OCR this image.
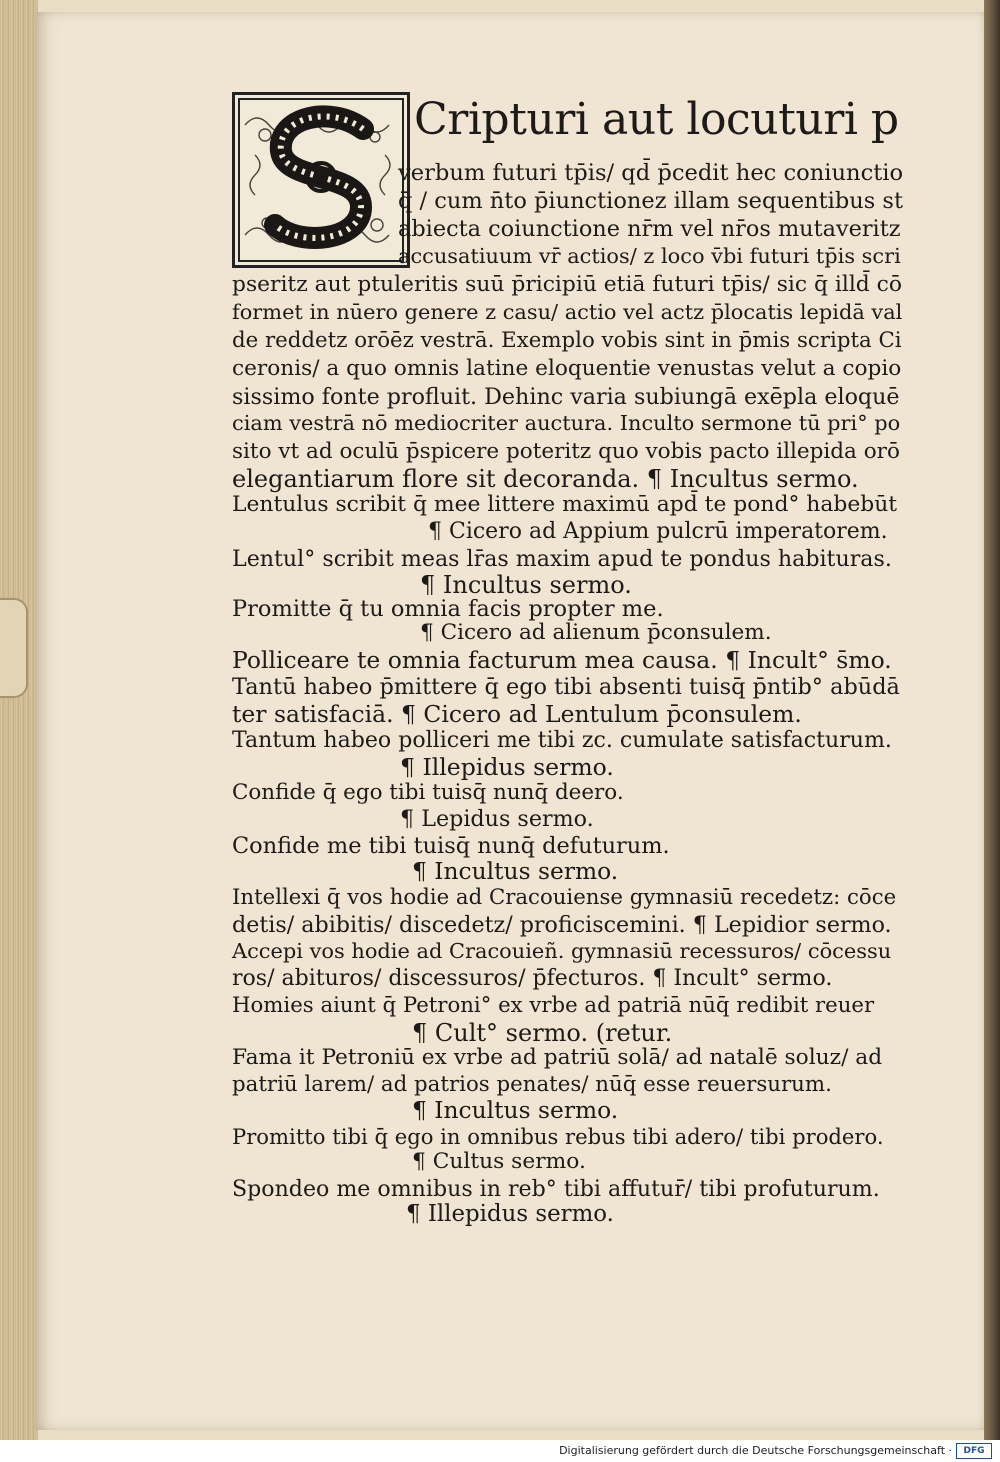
Cripturi aut locuturi p
verbum futuri tp̄is/ qd̄ p̄cedit hec coniunctio
q̄ / cum n̄to p̄iunctionez illam sequentibus st
abiecta coiunctione nr̄m vel nr̄os mutaveritz
accusatiuum vr̄ actios/ z loco v̄bi futuri tp̄is scri
pseritz aut ptuleritis suū p̄ricipiū etiā futuri tp̄is/ sic q̄ illd̄ cō
formet in nūero genere z casu/ actio vel actz p̄locatis lepidā val
de reddetz orōēz vestrā. Exemplo vobis sint in p̄mis scripta Ci
ceronis/ a quo omnis latine eloquentie venustas velut a copio
sissimo fonte profluit. Dehinc varia subiungā exēpla eloquē
ciam vestrā nō mediocriter auctura. Inculto sermone tū pri° po
sito vt ad oculū p̄spicere poteritz quo vobis pacto illepida orō
elegantiarum flore sit decoranda. ¶ Incultus sermo.
Lentulus scribit q̄ mee littere maximū apd̄ te pond° habebūt
¶ Cicero ad Appium pulcrū imperatorem.
Lentul° scribit meas lr̄as maxim apud te pondus habituras.
¶ Incultus sermo.
Promitte q̄ tu omnia facis propter me.
¶ Cicero ad alienum p̄consulem.
Polliceare te omnia facturum mea causa. ¶ Incult° s̄mo.
Tantū habeo p̄mittere q̄ ego tibi absenti tuisq̄ p̄ntib° abūdā
ter satisfaciā. ¶ Cicero ad Lentulum p̄consulem.
Tantum habeo polliceri me tibi zc. cumulate satisfacturum.
¶ Illepidus sermo.
Confide q̄ ego tibi tuisq̄ nunq̄ deero.
¶ Lepidus sermo.
Confide me tibi tuisq̄ nunq̄ defuturum.
¶ Incultus sermo.
Intellexi q̄ vos hodie ad Cracouiense gymnasiū recedetz: cōce
detis/ abibitis/ discedetz/ proficiscemini. ¶ Lepidior sermo.
Accepi vos hodie ad Cracouieñ. gymnasiū recessuros/ cōcessu
ros/ abituros/ discessuros/ p̄fecturos. ¶ Incult° sermo.
Homies aiunt q̄ Petroni° ex vrbe ad patriā nūq̄ redibit reuer
¶ Cult° sermo. (retur.
Fama it Petroniū ex vrbe ad patriū solā/ ad natalē soluz/ ad
patriū larem/ ad patrios penates/ nūq̄ esse reuersurum.
¶ Incultus sermo.
Promitto tibi q̄ ego in omnibus rebus tibi adero/ tibi prodero.
¶ Cultus sermo.
Spondeo me omnibus in reb° tibi affutur̄/ tibi profuturum.
¶ Illepidus sermo.
Digitalisierung gefördert durch die Deutsche Forschungsgemeinschaft ·	DFG
